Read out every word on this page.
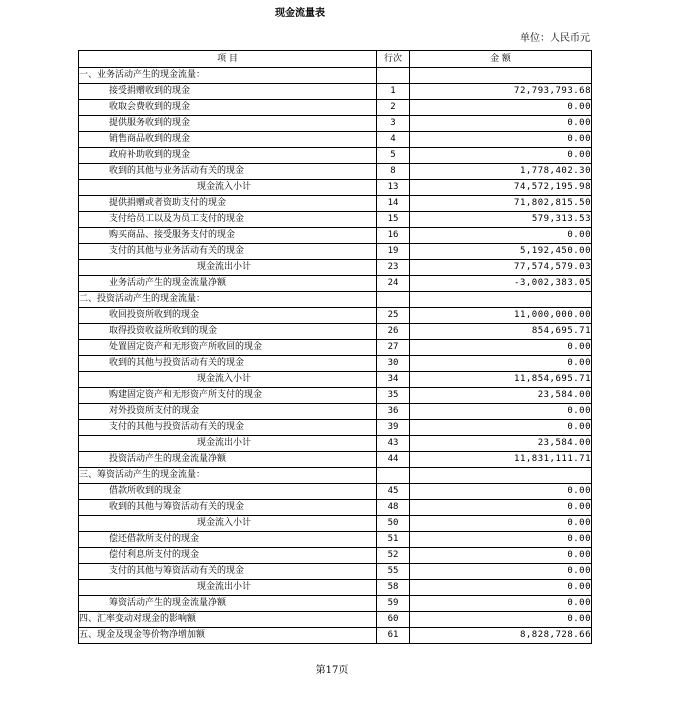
现金流量表
单位：人民币元
项 目	行次	金 额
一、业务活动产生的现金流量：		
接受捐赠收到的现金	1	72,793,793.68
收取会费收到的现金	2	0.00
提供服务收到的现金	3	0.00
销售商品收到的现金	4	0.00
政府补助收到的现金	5	0.00
收到的其他与业务活动有关的现金	8	1,778,402.30
现金流入小计	13	74,572,195.98
提供捐赠或者资助支付的现金	14	71,802,815.50
支付给员工以及为员工支付的现金	15	579,313.53
购买商品、接受服务支付的现金	16	0.00
支付的其他与业务活动有关的现金	19	5,192,450.00
现金流出小计	23	77,574,579.03
业务活动产生的现金流量净额	24	-3,002,383.05
二、投资活动产生的现金流量：		
收回投资所收到的现金	25	11,000,000.00
取得投资收益所收到的现金	26	854,695.71
处置固定资产和无形资产所收回的现金	27	0.00
收到的其他与投资活动有关的现金	30	0.00
现金流入小计	34	11,854,695.71
购建固定资产和无形资产所支付的现金	35	23,584.00
对外投资所支付的现金	36	0.00
支付的其他与投资活动有关的现金	39	0.00
现金流出小计	43	23,584.00
投资活动产生的现金流量净额	44	11,831,111.71
三、筹资活动产生的现金流量：		
借款所收到的现金	45	0.00
收到的其他与筹资活动有关的现金	48	0.00
现金流入小计	50	0.00
偿还借款所支付的现金	51	0.00
偿付利息所支付的现金	52	0.00
支付的其他与筹资活动有关的现金	55	0.00
现金流出小计	58	0.00
筹资活动产生的现金流量净额	59	0.00
四、汇率变动对现金的影响额	60	0.00
五、现金及现金等价物净增加额	61	8,828,728.66
第17页
